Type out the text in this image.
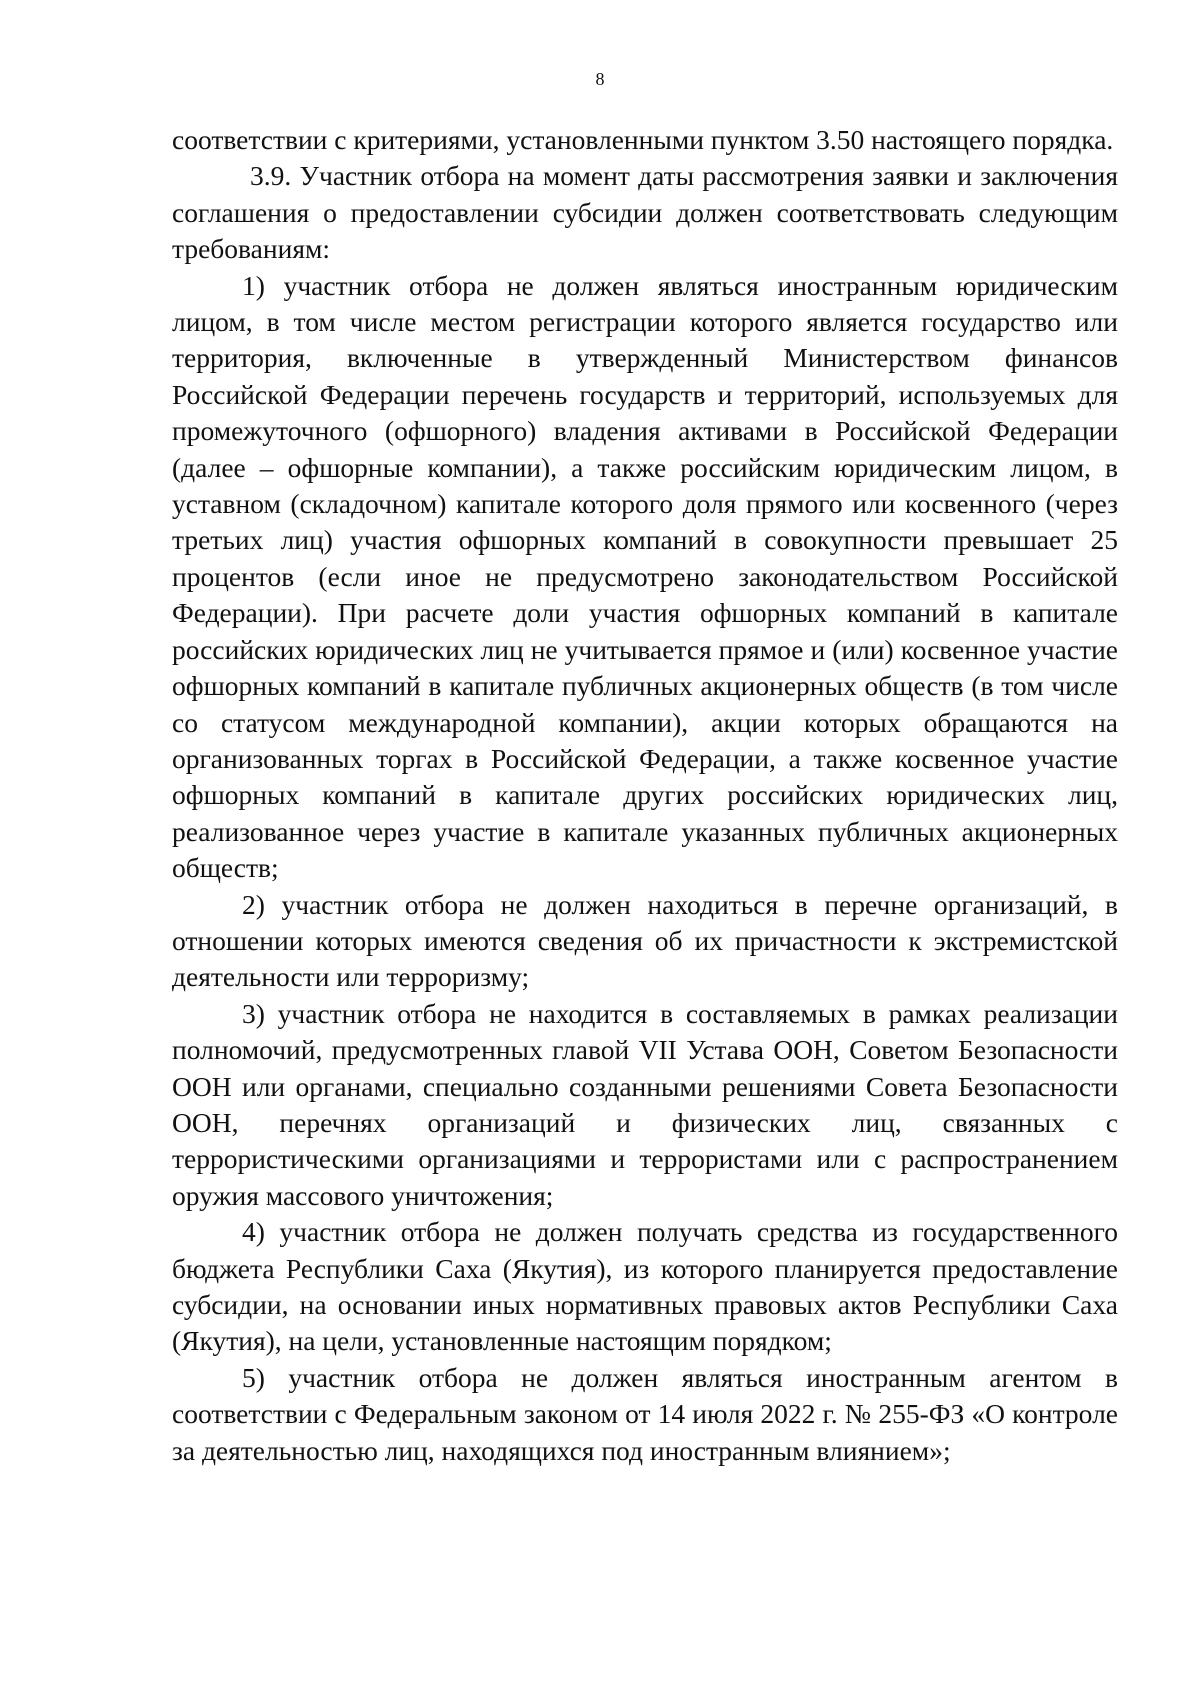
8

соответствии с критериями, установленными пунктом 3.50 настоящего порядка.

3.9. Участник отбора на момент даты рассмотрения заявки и заключения соглашения о предоставлении субсидии должен соответствовать следующим требованиям:

1) участник отбора не должен являться иностранным юридическим лицом, в том числе местом регистрации которого является государство или территория, включенные в утвержденный Министерством финансов Российской Федерации перечень государств и территорий, используемых для промежуточного (офшорного) владения активами в Российской Федерации (далее – офшорные компании), а также российским юридическим лицом, в уставном (складочном) капитале которого доля прямого или косвенного (через третьих лиц) участия офшорных компаний в совокупности превышает 25 процентов (если иное не предусмотрено законодательством Российской Федерации). При расчете доли участия офшорных компаний в капитале российских юридических лиц не учитывается прямое и (или) косвенное участие офшорных компаний в капитале публичных акционерных обществ (в том числе со статусом международной компании), акции которых обращаются на организованных торгах в Российской Федерации, а также косвенное участие офшорных компаний в капитале других российских юридических лиц, реализованное через участие в капитале указанных публичных акционерных обществ;

2) участник отбора не должен находиться в перечне организаций, в отношении которых имеются сведения об их причастности к экстремистской деятельности или терроризму;

3) участник отбора не находится в составляемых в рамках реализации полномочий, предусмотренных главой VII Устава ООН, Советом Безопасности ООН или органами, специально созданными решениями Совета Безопасности ООН, перечнях организаций и физических лиц, связанных с террористическими организациями и террористами или с распространением оружия массового уничтожения;

4) участник отбора не должен получать средства из государственного бюджета Республики Саха (Якутия), из которого планируется предоставление субсидии, на основании иных нормативных правовых актов Республики Саха (Якутия), на цели, установленные настоящим порядком;

5) участник отбора не должен являться иностранным агентом в соответствии с Федеральным законом от 14 июля 2022 г. № 255-ФЗ «О контроле за деятельностью лиц, находящихся под иностранным влиянием»;
